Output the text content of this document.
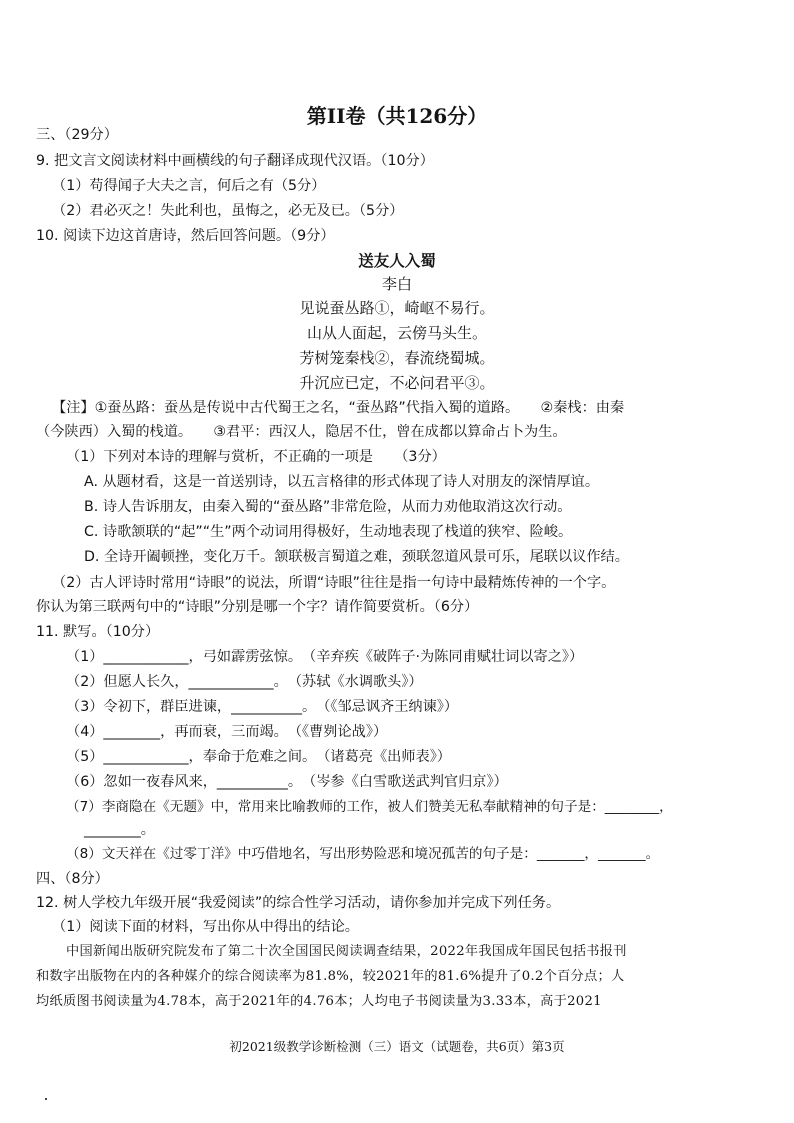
第II卷（共126分）
三、（29分）
9. 把文言文阅读材料中画横线的句子翻译成现代汉语。（10分）
（1）苟得闻子大夫之言，何后之有（5分）
（2）君必灭之！失此利也，虽悔之，必无及已。（5分）
10. 阅读下边这首唐诗，然后回答问题。（9分）
送友人入蜀
李白
见说蚕丛路①，崎岖不易行。
山从人面起，云傍马头生。
芳树笼秦栈②，春流绕蜀城。
升沉应已定，不必问君平③。
【注】①蚕丛路：蚕丛是传说中古代蜀王之名，“蚕丛路”代指入蜀的道路。　　②秦栈：由秦
（今陕西）入蜀的栈道。　　③君平：西汉人，隐居不仕，曾在成都以算命占卜为生。
（1）下列对本诗的理解与赏析，不正确的一项是　　（3分）
A. 从题材看，这是一首送别诗，以五言格律的形式体现了诗人对朋友的深情厚谊。
B. 诗人告诉朋友，由秦入蜀的“蚕丛路”非常危险，从而力劝他取消这次行动。
C. 诗歌颔联的“起”“生”两个动词用得极好，生动地表现了栈道的狭窄、险峻。
D. 全诗开阖顿挫，变化万千。颔联极言蜀道之难，颈联忽道风景可乐，尾联以议作结。
（2）古人评诗时常用“诗眼”的说法，所谓“诗眼”往往是指一句诗中最精炼传神的一个字。
你认为第三联两句中的“诗眼”分别是哪一个字？请作简要赏析。（6分）
11. 默写。（10分）
（1）____________，弓如霹雳弦惊。　（辛弃疾《破阵子·为陈同甫赋壮词以寄之》）
（2）但愿人长久，____________。　（苏轼《水调歌头》）
（3）令初下，群臣进谏，__________。　（《邹忌讽齐王纳谏》）
（4）________，再而衰，三而竭。　（《曹刿论战》）
（5）____________，奉命于危难之间。　（诸葛亮《出师表》）
（6）忽如一夜春风来，__________。　（岑参《白雪歌送武判官归京》）
（7）李商隐在《无题》中，常用来比喻教师的工作，被人们赞美无私奉献精神的句子是：________，
________。
（8）文天祥在《过零丁洋》中巧借地名，写出形势险恶和境况孤苦的句子是：_______，_______。
四、（8分）
12. 树人学校九年级开展“我爱阅读”的综合性学习活动，请你参加并完成下列任务。
（1）阅读下面的材料，写出你从中得出的结论。
中国新闻出版研究院发布了第二十次全国国民阅读调查结果，2022年我国成年国民包括书报刊
和数字出版物在内的各种媒介的综合阅读率为81.8%，较2021年的81.6%提升了0.2个百分点；人
均纸质图书阅读量为4.78本，高于2021年的4.76本；人均电子书阅读量为3.33本，高于2021
初2021级教学诊断检测（三）语文（试题卷，共6页）第3页
